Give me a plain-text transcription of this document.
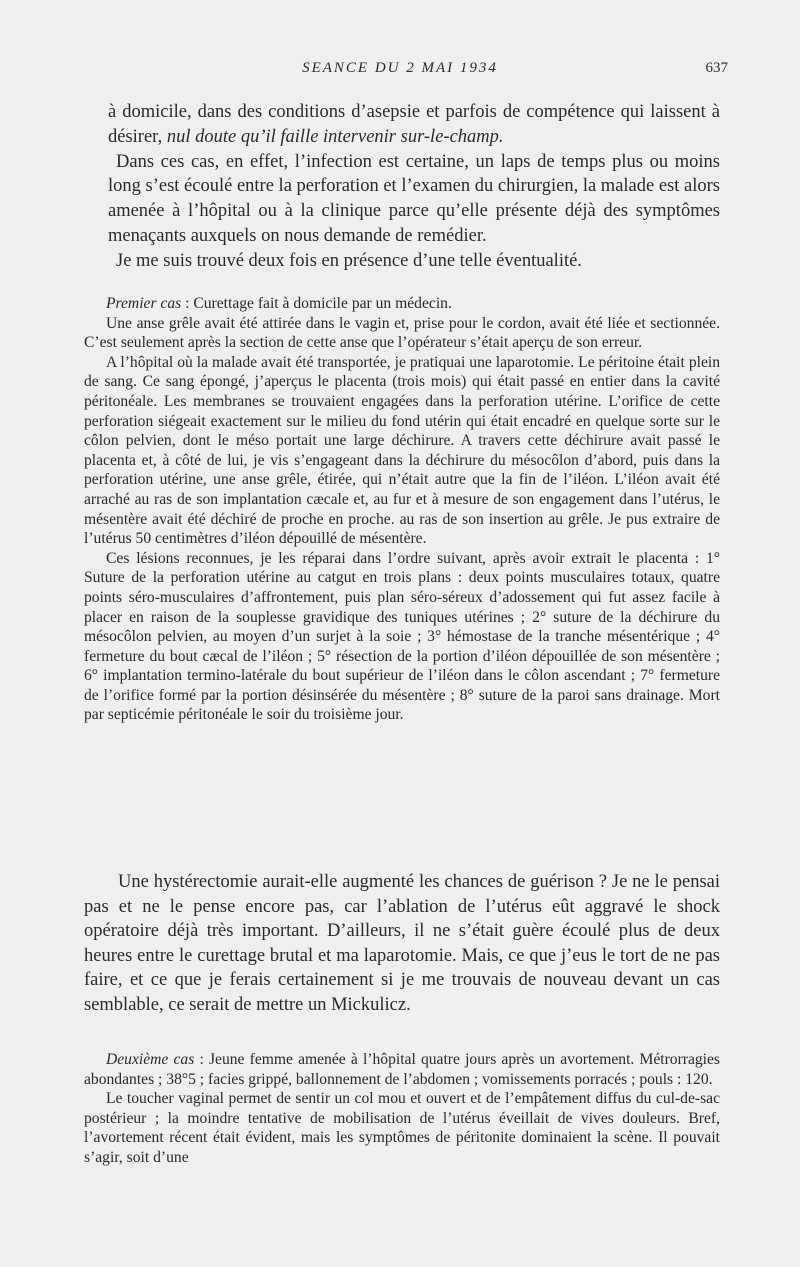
SEANCE DU 2 MAI 1934	637

à domicile, dans des conditions d’asepsie et parfois de compétence qui laissent à désirer, nul doute qu’il faille intervenir sur-le-champ.

Dans ces cas, en effet, l’infection est certaine, un laps de temps plus ou moins long s’est écoulé entre la perforation et l’examen du chirurgien, la malade est alors amenée à l’hôpital ou à la clinique parce qu’elle présente déjà des symptômes menaçants auxquels on nous demande de remédier.

Je me suis trouvé deux fois en présence d’une telle éventualité.

Premier cas : Curettage fait à domicile par un médecin.

Une anse grêle avait été attirée dans le vagin et, prise pour le cordon, avait été liée et sectionnée. C’est seulement après la section de cette anse que l’opérateur s’était aperçu de son erreur.

A l’hôpital où la malade avait été transportée, je pratiquai une laparotomie. Le péritoine était plein de sang. Ce sang épongé, j’aperçus le placenta (trois mois) qui était passé en entier dans la cavité péritonéale. Les membranes se trouvaient engagées dans la perforation utérine. L’orifice de cette perforation siégeait exactement sur le milieu du fond utérin qui était encadré en quelque sorte sur le côlon pelvien, dont le méso portait une large déchirure. A travers cette déchirure avait passé le placenta et, à côté de lui, je vis s’engageant dans la déchirure du mésocôlon d’abord, puis dans la perforation utérine, une anse grêle, étirée, qui n’était autre que la fin de l’iléon. L’iléon avait été arraché au ras de son implantation cæcale et, au fur et à mesure de son engagement dans l’utérus, le mésentère avait été déchiré de proche en proche. au ras de son insertion au grêle. Je pus extraire de l’utérus 50 centimètres d’iléon dépouillé de mésentère.

Ces lésions reconnues, je les réparai dans l’ordre suivant, après avoir extrait le placenta : 1° Suture de la perforation utérine au catgut en trois plans : deux points musculaires totaux, quatre points séro-musculaires d’affrontement, puis plan séro-séreux d’adossement qui fut assez facile à placer en raison de la souplesse gravidique des tuniques utérines ; 2° suture de la déchirure du mésocôlon pelvien, au moyen d’un surjet à la soie ; 3° hémostase de la tranche mésentérique ; 4° fermeture du bout cæcal de l’iléon ; 5° résection de la portion d’iléon dépouillée de son mésentère ; 6° implantation termino-latérale du bout supérieur de l’iléon dans le côlon ascendant ; 7° fermeture de l’orifice formé par la portion désinsérée du mésentère ; 8° suture de la paroi sans drainage. Mort par septicémie péritonéale le soir du troisième jour.

Une hystérectomie aurait-elle augmenté les chances de guérison ? Je ne le pensai pas et ne le pense encore pas, car l’ablation de l’utérus eût aggravé le shock opératoire déjà très important. D’ailleurs, il ne s’était guère écoulé plus de deux heures entre le curettage brutal et ma laparotomie. Mais, ce que j’eus le tort de ne pas faire, et ce que je ferais certainement si je me trouvais de nouveau devant un cas semblable, ce serait de mettre un Mickulicz.

Deuxième cas : Jeune femme amenée à l’hôpital quatre jours après un avortement. Métrorragies abondantes ; 38°5 ; facies grippé, ballonnement de l’abdomen ; vomissements porracés ; pouls : 120.

Le toucher vaginal permet de sentir un col mou et ouvert et de l’empâtement diffus du cul-de-sac postérieur ; la moindre tentative de mobilisation de l’utérus éveillait de vives douleurs. Bref, l’avortement récent était évident, mais les symptômes de péritonite dominaient la scène. Il pouvait s’agir, soit d’une
